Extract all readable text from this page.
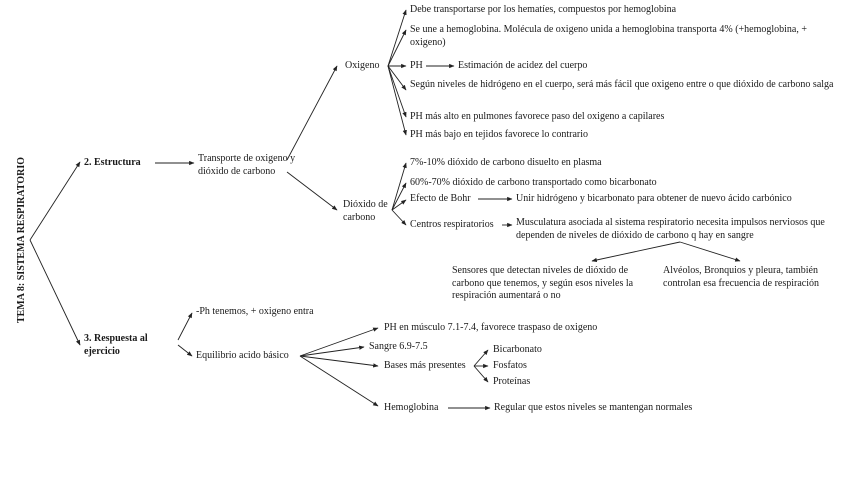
TEMA 8: SISTEMA RESPIRATORIO	2. Estructura	Transporte de oxigeno y dióxido de carbono
Oxigeno
Debe transportarse por los hematíes, compuestos por hemoglobina
Se une a hemoglobina. Molécula de oxigeno unida a hemoglobina transporta 4% (+hemoglobina, + oxigeno)
PH	Estimación de acidez del cuerpo
Según niveles de hidrógeno en el cuerpo, será más fácil que oxigeno entre o que dióxido de carbono salga
PH más alto en pulmones favorece paso del oxigeno a capilares
PH más bajo en tejidos favorece lo contrario
Dióxido de carbono
7%-10% dióxido de carbono disuelto en plasma
60%-70% dióxido de carbono transportado como bicarbonato
Efecto de Bohr	Unir hidrógeno y bicarbonato para obtener de nuevo ácido carbónico
Centros respiratorios Musculatura asociada al sistema respiratorio necesita impulsos nerviosos que dependen de niveles de dióxido de carbono q hay en sangre
Sensores que detectan niveles de dióxido de carbono que tenemos, y según esos niveles la respiración aumentará o no
Alvéolos, Bronquios y pleura, también controlan esa frecuencia de respiración
3. Respuesta al ejercicio
-Ph tenemos, + oxigeno entra
Equilibrio acido básico
PH en músculo 7.1-7.4, favorece traspaso de oxigeno
Sangre 6.9-7.5
Bases más presentes
Bicarbonato
Fosfatos
Proteínas
Hemoglobina	Regular que estos niveles se mantengan normales
